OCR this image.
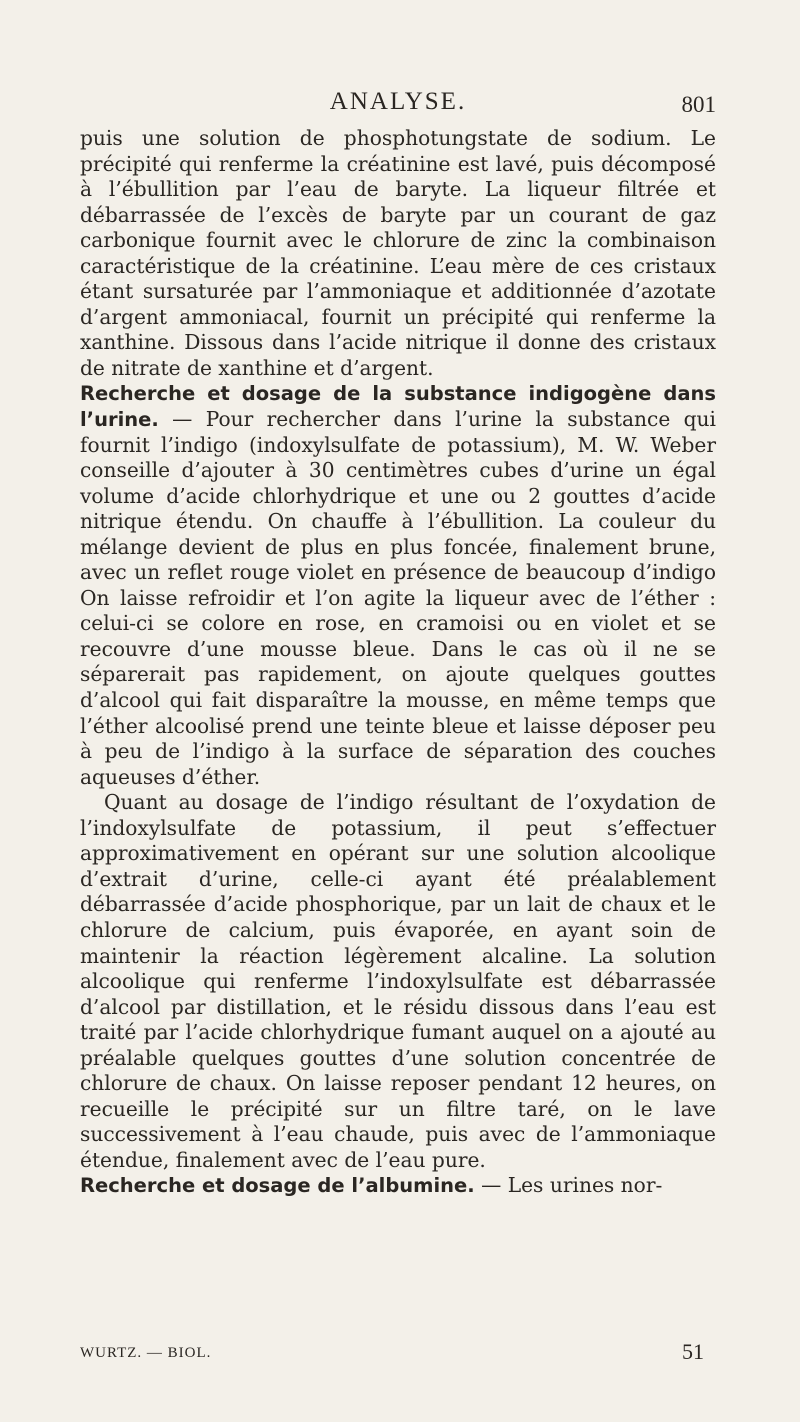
ANALYSE.	801

puis une solution de phosphotungstate de sodium. Le précipité qui renferme la créatinine est lavé, puis décomposé à l’ébullition par l’eau de baryte. La liqueur filtrée et débarrassée de l’excès de baryte par un courant de gaz carbonique fournit avec le chlorure de zinc la combinaison caractéristique de la créatinine. L’eau mère de ces cristaux étant sursaturée par l’ammoniaque et additionnée d’azotate d’argent ammoniacal, fournit un précipité qui renferme la xanthine. Dissous dans l’acide nitrique il donne des cristaux de nitrate de xanthine et d’argent.

Recherche et dosage de la substance indigogène dans l’urine. — Pour rechercher dans l’urine la substance qui fournit l’indigo (indoxylsulfate de potassium), M. W. Weber conseille d’ajouter à 30 centimètres cubes d’urine un égal volume d’acide chlorhydrique et une ou 2 gouttes d’acide nitrique étendu. On chauffe à l’ébullition. La couleur du mélange devient de plus en plus foncée, finalement brune, avec un reflet rouge violet en présence de beaucoup d’indigo On laisse refroidir et l’on agite la liqueur avec de l’éther : celui-ci se colore en rose, en cramoisi ou en violet et se recouvre d’une mousse bleue. Dans le cas où il ne se séparerait pas rapidement, on ajoute quelques gouttes d’alcool qui fait disparaître la mousse, en même temps que l’éther alcoolisé prend une teinte bleue et laisse déposer peu à peu de l’indigo à la surface de séparation des couches aqueuses d’éther.

Quant au dosage de l’indigo résultant de l’oxydation de l’indoxylsulfate de potassium, il peut s’effectuer approximativement en opérant sur une solution alcoolique d’extrait d’urine, celle-ci ayant été préalablement débarrassée d’acide phosphorique, par un lait de chaux et le chlorure de calcium, puis évaporée, en ayant soin de maintenir la réaction légèrement alcaline. La solution alcoolique qui renferme l’indoxylsulfate est débarrassée d’alcool par distillation, et le résidu dissous dans l’eau est traité par l’acide chlorhydrique fumant auquel on a ajouté au préalable quelques gouttes d’une solution concentrée de chlorure de chaux. On laisse reposer pendant 12 heures, on recueille le précipité sur un filtre taré, on le lave successivement à l’eau chaude, puis avec de l’ammoniaque étendue, finalement avec de l’eau pure.

Recherche et dosage de l’albumine. — Les urines nor-

WURTZ. — BIOL.	51
